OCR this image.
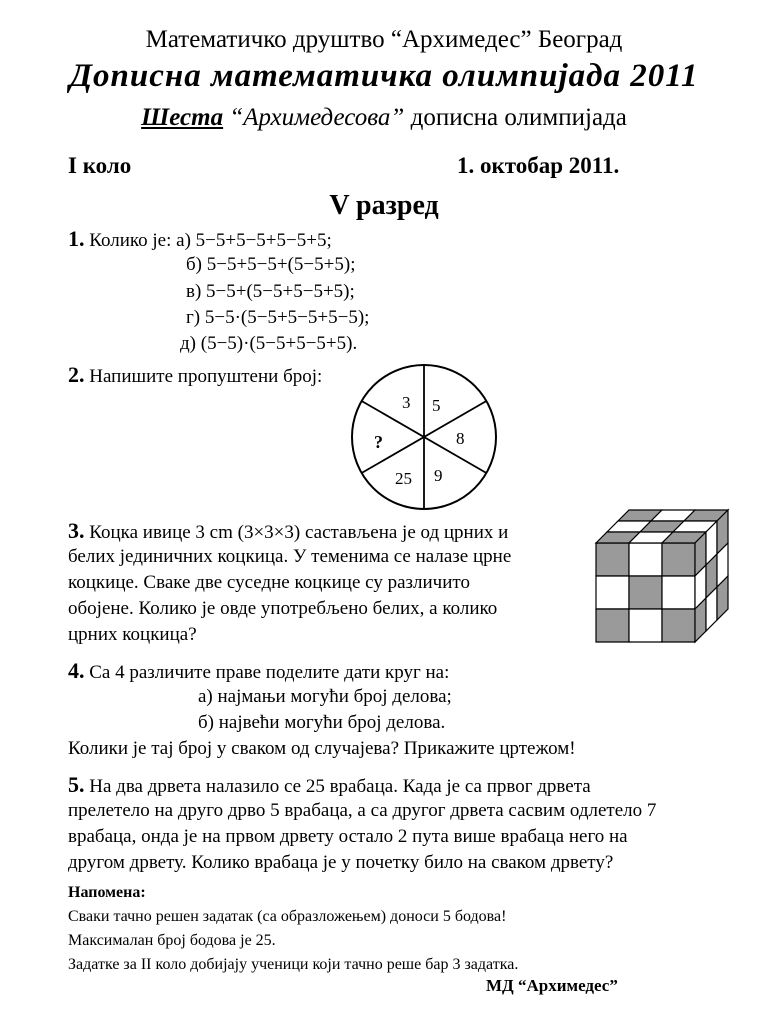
Математичко друштво “Архимедес” Београд
Дописна математичка олимпијада 2011
Шеста “Архимедесова” дописна олимпијада
I коло	1. октобар 2011.
V разред
1. Колико је: а) 5−5+5−5+5−5+5;
б) 5−5+5−5+(5−5+5);
в) 5−5+(5−5+5−5+5);
г) 5−5·(5−5+5−5+5−5);
д) (5−5)·(5−5+5−5+5).
2. Напишите пропуштени број:
3 5
8
9
25
?
3. Коцка ивице 3 cm (3×3×3) састављена је од црних и
белих јединичних коцкица. У теменима се налазе црне
коцкице. Сваке две суседне коцкице су различито
обојене. Колико је овде употребљено белих, а колико
црних коцкица?
4. Са 4 различите праве поделите дати круг на:
а) најмањи могући број делова;
б) највећи могући број делова.
Колики је тај број у сваком од случајева? Прикажите цртежом!
5. На два дрвета налазило се 25 врабаца. Када је са првог дрвета
прелетело на друго дрво 5 врабаца, а са другог дрвета сасвим одлетело 7
врабаца, онда је на првом дрвету остало 2 пута више врабаца него на
другом дрвету. Колико врабаца је у почетку било на сваком дрвету?
Напомена:
Сваки тачно решен задатак (са образложењем) доноси 5 бодова!
Максималан број бодова је 25.
Задатке за II коло добијају ученици који тачно реше бар 3 задатка.
МД “Архимедес”
